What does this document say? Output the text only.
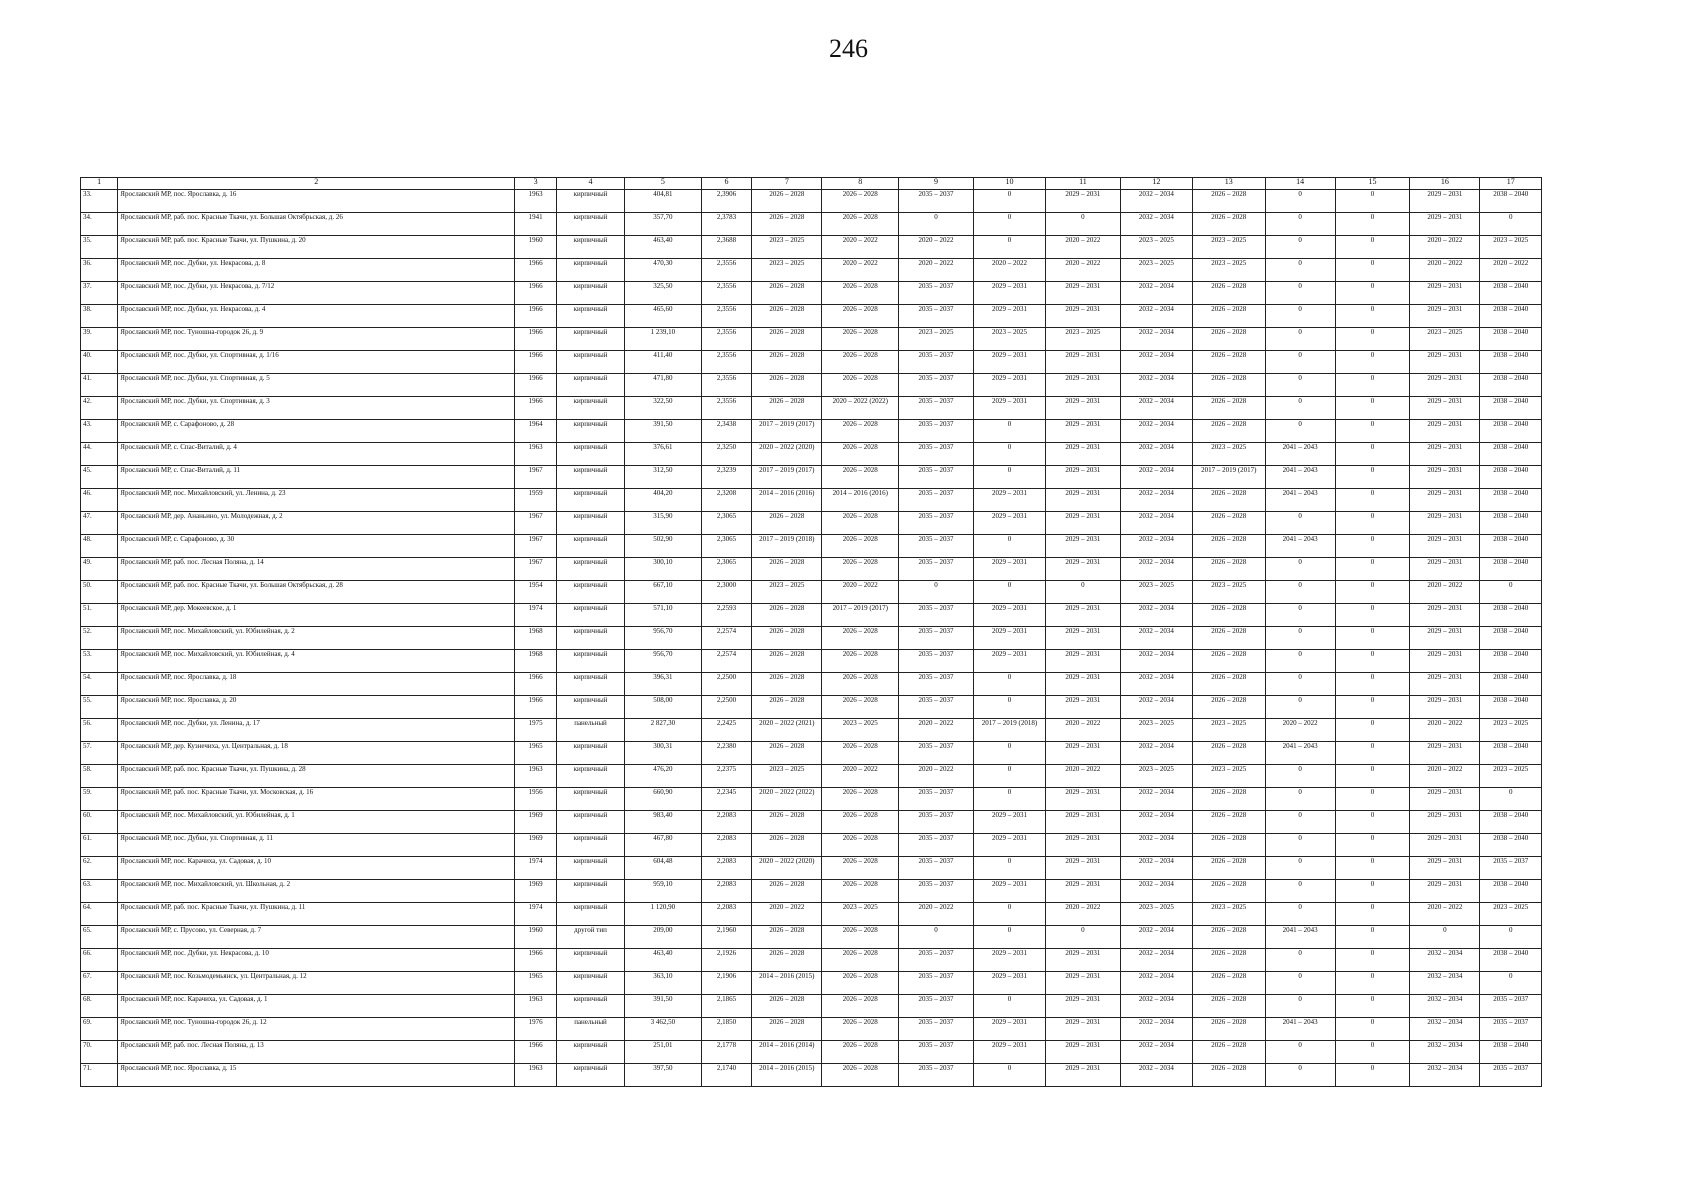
246
1	2	3	4	5	6	7	8	9	10	11	12	13	14	15	16	17
33.	Ярославский МР, пос. Ярославка, д. 16	1963	кирпичный	404,81	2,3906	2026 – 2028	2026 – 2028	2035 – 2037	0	2029 – 2031	2032 – 2034	2026 – 2028	0	0	2029 – 2031	2038 – 2040
34.	Ярославский МР, раб. пос. Красные Ткачи, ул. Большая Октябрьская, д. 26	1941	кирпичный	357,70	2,3783	2026 – 2028	2026 – 2028	0	0	0	2032 – 2034	2026 – 2028	0	0	2029 – 2031	0
35.	Ярославский МР, раб. пос. Красные Ткачи, ул. Пушкина, д. 20	1960	кирпичный	463,40	2,3688	2023 – 2025	2020 – 2022	2020 – 2022	0	2020 – 2022	2023 – 2025	2023 – 2025	0	0	2020 – 2022	2023 – 2025
36.	Ярославский МР, пос. Дубки, ул. Некрасова, д. 8	1966	кирпичный	470,30	2,3556	2023 – 2025	2020 – 2022	2020 – 2022	2020 – 2022	2020 – 2022	2023 – 2025	2023 – 2025	0	0	2020 – 2022	2020 – 2022
37.	Ярославский МР, пос. Дубки, ул. Некрасова, д. 7/12	1966	кирпичный	325,50	2,3556	2026 – 2028	2026 – 2028	2035 – 2037	2029 – 2031	2029 – 2031	2032 – 2034	2026 – 2028	0	0	2029 – 2031	2038 – 2040
38.	Ярославский МР, пос. Дубки, ул. Некрасова, д. 4	1966	кирпичный	465,60	2,3556	2026 – 2028	2026 – 2028	2035 – 2037	2029 – 2031	2029 – 2031	2032 – 2034	2026 – 2028	0	0	2029 – 2031	2038 – 2040
39.	Ярославский МР, пос. Туношна-городок 26, д. 9	1966	кирпичный	1 239,10	2,3556	2026 – 2028	2026 – 2028	2023 – 2025	2023 – 2025	2023 – 2025	2032 – 2034	2026 – 2028	0	0	2023 – 2025	2038 – 2040
40.	Ярославский МР, пос. Дубки, ул. Спортивная, д. 1/16	1966	кирпичный	411,40	2,3556	2026 – 2028	2026 – 2028	2035 – 2037	2029 – 2031	2029 – 2031	2032 – 2034	2026 – 2028	0	0	2029 – 2031	2038 – 2040
41.	Ярославский МР, пос. Дубки, ул. Спортивная, д. 5	1966	кирпичный	471,80	2,3556	2026 – 2028	2026 – 2028	2035 – 2037	2029 – 2031	2029 – 2031	2032 – 2034	2026 – 2028	0	0	2029 – 2031	2038 – 2040
42.	Ярославский МР, пос. Дубки, ул. Спортивная, д. 3	1966	кирпичный	322,50	2,3556	2026 – 2028	2020 – 2022 (2022)	2035 – 2037	2029 – 2031	2029 – 2031	2032 – 2034	2026 – 2028	0	0	2029 – 2031	2038 – 2040
43.	Ярославский МР, с. Сарафоново, д. 28	1964	кирпичный	391,50	2,3438	2017 – 2019 (2017)	2026 – 2028	2035 – 2037	0	2029 – 2031	2032 – 2034	2026 – 2028	0	0	2029 – 2031	2038 – 2040
44.	Ярославский МР, с. Спас-Виталий, д. 4	1963	кирпичный	376,61	2,3250	2020 – 2022 (2020)	2026 – 2028	2035 – 2037	0	2029 – 2031	2032 – 2034	2023 – 2025	2041 – 2043	0	2029 – 2031	2038 – 2040
45.	Ярославский МР, с. Спас-Виталий, д. 11	1967	кирпичный	312,50	2,3239	2017 – 2019 (2017)	2026 – 2028	2035 – 2037	0	2029 – 2031	2032 – 2034	2017 – 2019 (2017)	2041 – 2043	0	2029 – 2031	2038 – 2040
46.	Ярославский МР, пос. Михайловский, ул. Ленина, д. 23	1959	кирпичный	404,20	2,3208	2014 – 2016 (2016)	2014 – 2016 (2016)	2035 – 2037	2029 – 2031	2029 – 2031	2032 – 2034	2026 – 2028	2041 – 2043	0	2029 – 2031	2038 – 2040
47.	Ярославский МР, дер. Ананьино, ул. Молодежная, д. 2	1967	кирпичный	315,90	2,3065	2026 – 2028	2026 – 2028	2035 – 2037	2029 – 2031	2029 – 2031	2032 – 2034	2026 – 2028	0	0	2029 – 2031	2038 – 2040
48.	Ярославский МР, с. Сарафоново, д. 30	1967	кирпичный	502,90	2,3065	2017 – 2019 (2018)	2026 – 2028	2035 – 2037	0	2029 – 2031	2032 – 2034	2026 – 2028	2041 – 2043	0	2029 – 2031	2038 – 2040
49.	Ярославский МР, раб. пос. Лесная Поляна, д. 14	1967	кирпичный	300,10	2,3065	2026 – 2028	2026 – 2028	2035 – 2037	2029 – 2031	2029 – 2031	2032 – 2034	2026 – 2028	0	0	2029 – 2031	2038 – 2040
50.	Ярославский МР, раб. пос. Красные Ткачи, ул. Большая Октябрьская, д. 28	1954	кирпичный	667,10	2,3000	2023 – 2025	2020 – 2022	0	0	0	2023 – 2025	2023 – 2025	0	0	2020 – 2022	0
51.	Ярославский МР, дер. Мокеевское, д. 1	1974	кирпичный	571,10	2,2593	2026 – 2028	2017 – 2019 (2017)	2035 – 2037	2029 – 2031	2029 – 2031	2032 – 2034	2026 – 2028	0	0	2029 – 2031	2038 – 2040
52.	Ярославский МР, пос. Михайловский, ул. Юбилейная, д. 2	1968	кирпичный	956,70	2,2574	2026 – 2028	2026 – 2028	2035 – 2037	2029 – 2031	2029 – 2031	2032 – 2034	2026 – 2028	0	0	2029 – 2031	2038 – 2040
53.	Ярославский МР, пос. Михайловский, ул. Юбилейная, д. 4	1968	кирпичный	956,70	2,2574	2026 – 2028	2026 – 2028	2035 – 2037	2029 – 2031	2029 – 2031	2032 – 2034	2026 – 2028	0	0	2029 – 2031	2038 – 2040
54.	Ярославский МР, пос. Ярославка, д. 18	1966	кирпичный	396,31	2,2500	2026 – 2028	2026 – 2028	2035 – 2037	0	2029 – 2031	2032 – 2034	2026 – 2028	0	0	2029 – 2031	2038 – 2040
55.	Ярославский МР, пос. Ярославка, д. 20	1966	кирпичный	508,00	2,2500	2026 – 2028	2026 – 2028	2035 – 2037	0	2029 – 2031	2032 – 2034	2026 – 2028	0	0	2029 – 2031	2038 – 2040
56.	Ярославский МР, пос. Дубки, ул. Ленина, д. 17	1975	панельный	2 827,30	2,2425	2020 – 2022 (2021)	2023 – 2025	2020 – 2022	2017 – 2019 (2018)	2020 – 2022	2023 – 2025	2023 – 2025	2020 – 2022	0	2020 – 2022	2023 – 2025
57.	Ярославский МР, дер. Кузнечиха, ул. Центральная, д. 18	1965	кирпичный	300,31	2,2380	2026 – 2028	2026 – 2028	2035 – 2037	0	2029 – 2031	2032 – 2034	2026 – 2028	2041 – 2043	0	2029 – 2031	2038 – 2040
58.	Ярославский МР, раб. пос. Красные Ткачи, ул. Пушкина, д. 28	1963	кирпичный	476,20	2,2375	2023 – 2025	2020 – 2022	2020 – 2022	0	2020 – 2022	2023 – 2025	2023 – 2025	0	0	2020 – 2022	2023 – 2025
59.	Ярославский МР, раб. пос. Красные Ткачи, ул. Московская, д. 16	1956	кирпичный	660,90	2,2345	2020 – 2022 (2022)	2026 – 2028	2035 – 2037	0	2029 – 2031	2032 – 2034	2026 – 2028	0	0	2029 – 2031	0
60.	Ярославский МР, пос. Михайловский, ул. Юбилейная, д. 1	1969	кирпичный	983,40	2,2083	2026 – 2028	2026 – 2028	2035 – 2037	2029 – 2031	2029 – 2031	2032 – 2034	2026 – 2028	0	0	2029 – 2031	2038 – 2040
61.	Ярославский МР, пос. Дубки, ул. Спортивная, д. 11	1969	кирпичный	467,80	2,2083	2026 – 2028	2026 – 2028	2035 – 2037	2029 – 2031	2029 – 2031	2032 – 2034	2026 – 2028	0	0	2029 – 2031	2038 – 2040
62.	Ярославский МР, пос. Карачиха, ул. Садовая, д. 10	1974	кирпичный	604,48	2,2083	2020 – 2022 (2020)	2026 – 2028	2035 – 2037	0	2029 – 2031	2032 – 2034	2026 – 2028	0	0	2029 – 2031	2035 – 2037
63.	Ярославский МР, пос. Михайловский, ул. Школьная, д. 2	1969	кирпичный	959,10	2,2083	2026 – 2028	2026 – 2028	2035 – 2037	2029 – 2031	2029 – 2031	2032 – 2034	2026 – 2028	0	0	2029 – 2031	2038 – 2040
64.	Ярославский МР, раб. пос. Красные Ткачи, ул. Пушкина, д. 11	1974	кирпичный	1 120,90	2,2083	2020 – 2022	2023 – 2025	2020 – 2022	0	2020 – 2022	2023 – 2025	2023 – 2025	0	0	2020 – 2022	2023 – 2025
65.	Ярославский МР, с. Прусово, ул. Северная, д. 7	1960	другой тип	209,00	2,1960	2026 – 2028	2026 – 2028	0	0	0	2032 – 2034	2026 – 2028	2041 – 2043	0	0	0
66.	Ярославский МР, пос. Дубки, ул. Некрасова, д. 10	1966	кирпичный	463,40	2,1926	2026 – 2028	2026 – 2028	2035 – 2037	2029 – 2031	2029 – 2031	2032 – 2034	2026 – 2028	0	0	2032 – 2034	2038 – 2040
67.	Ярославский МР, пос. Козьмодемьянск, ул. Центральная, д. 12	1965	кирпичный	363,10	2,1906	2014 – 2016 (2015)	2026 – 2028	2035 – 2037	2029 – 2031	2029 – 2031	2032 – 2034	2026 – 2028	0	0	2032 – 2034	0
68.	Ярославский МР, пос. Карачиха, ул. Садовая, д. 1	1963	кирпичный	391,50	2,1865	2026 – 2028	2026 – 2028	2035 – 2037	0	2029 – 2031	2032 – 2034	2026 – 2028	0	0	2032 – 2034	2035 – 2037
69.	Ярославский МР, пос. Туношна-городок 26, д. 12	1976	панельный	3 462,50	2,1850	2026 – 2028	2026 – 2028	2035 – 2037	2029 – 2031	2029 – 2031	2032 – 2034	2026 – 2028	2041 – 2043	0	2032 – 2034	2035 – 2037
70.	Ярославский МР, раб. пос. Лесная Поляна, д. 13	1966	кирпичный	251,01	2,1778	2014 – 2016 (2014)	2026 – 2028	2035 – 2037	2029 – 2031	2029 – 2031	2032 – 2034	2026 – 2028	0	0	2032 – 2034	2038 – 2040
71.	Ярославский МР, пос. Ярославка, д. 15	1963	кирпичный	397,50	2,1740	2014 – 2016 (2015)	2026 – 2028	2035 – 2037	0	2029 – 2031	2032 – 2034	2026 – 2028	0	0	2032 – 2034	2035 – 2037
